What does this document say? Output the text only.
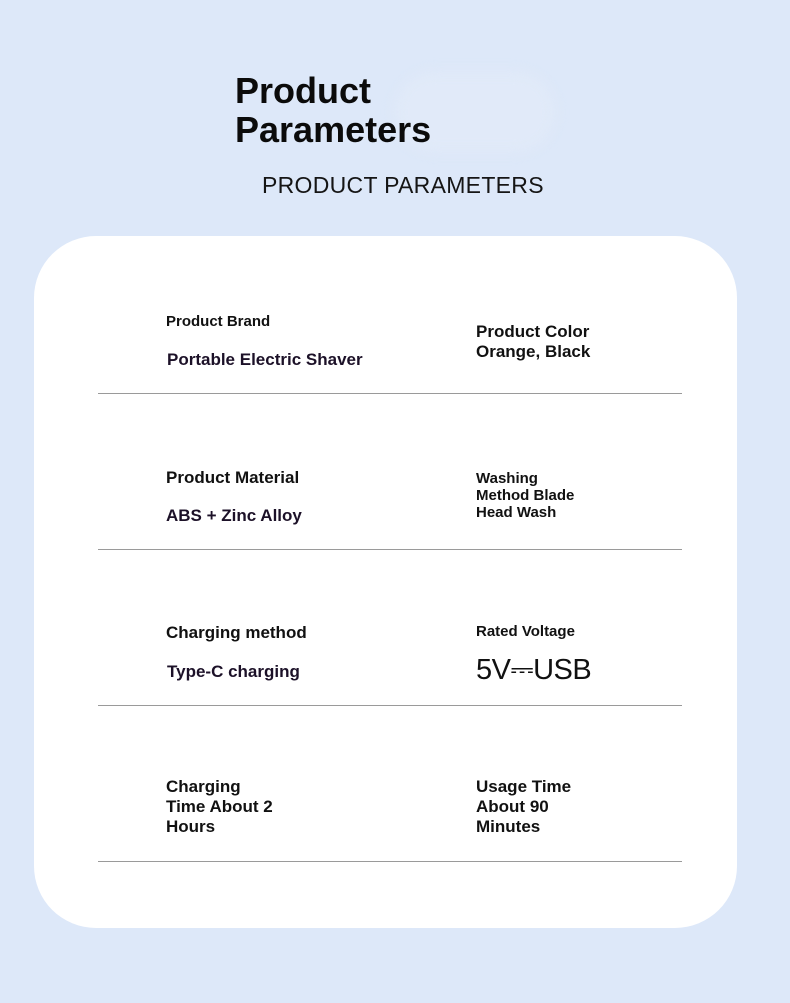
Product
Parameters
PRODUCT PARAMETERS
Product Brand
Portable Electric Shaver
Product Color
Orange, Black
Product Material
ABS + Zinc Alloy
Washing
Method Blade
Head Wash
Charging method
Type-C charging
Rated Voltage
5V⎓USB
Charging
Time About 2
Hours
Usage Time
About 90
Minutes
